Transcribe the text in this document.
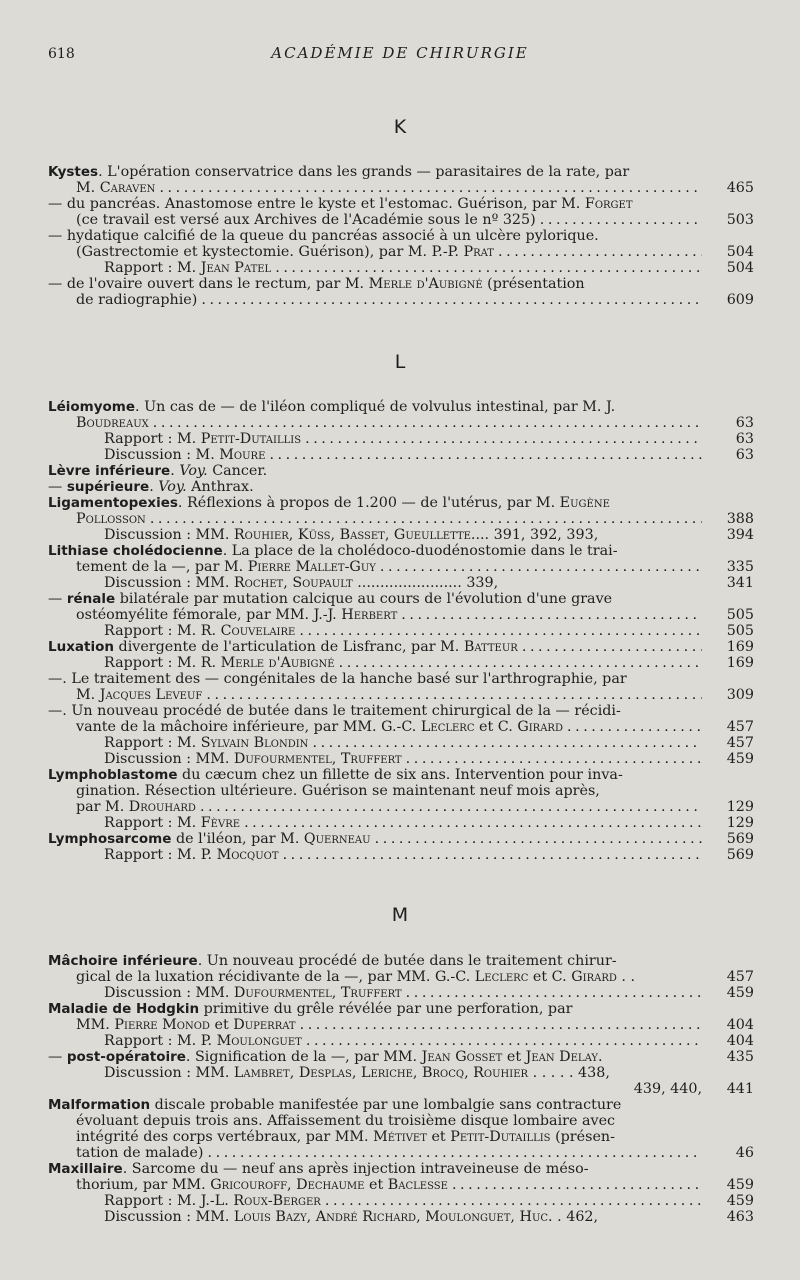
618	ACADÉMIE DE CHIRURGIE
K
Kystes. L'opération conservatrice dans les grands — parasitaires de la rate, par
M. Caraven	465
. . .
— du pancréas. Anastomose entre le kyste et l'estomac. Guérison, par M. Forget
(ce travail est versé aux Archives de l'Académie sous le nº 325)	503
. . .
— hydatique calcifié de la queue du pancréas associé à un ulcère pylorique.
(Gastrectomie et kystectomie. Guérison), par M. P.-P. Prat	504
. . .
Rapport : M. Jean Patel	504
. . .
— de l'ovaire ouvert dans le rectum, par M. Merle d'Aubigné (présentation
de radiographie)	609
. . .
L
Léiomyome. Un cas de — de l'iléon compliqué de volvulus intestinal, par M. J.
Boudreaux	63
. . .
Rapport : M. Petit-Dutaillis	63
. . .
Discussion : M. Moure	63
. . .
Lèvre inférieure. Voy. Cancer.
— supérieure. Voy. Anthrax.
Ligamentopexies. Réflexions à propos de 1.200 — de l'utérus, par M. Eugène
Pollosson	388
. . .
Discussion : MM. Rouhier, Küss, Basset, Gueullette.... 391, 392, 393,	394
Lithiase cholédocienne. La place de la cholédoco-duodénostomie dans le trai-
tement de la —, par M. Pierre Mallet-Guy	335
. . .
Discussion : MM. Rochet, Soupault ....................... 339,	341
— rénale bilatérale par mutation calcique au cours de l'évolution d'une grave
ostéomyélite fémorale, par MM. J.-J. Herbert	505
. . .
Rapport : M. R. Couvelaire	505
. . .
Luxation divergente de l'articulation de Lisfranc, par M. Batteur	169
. . .
Rapport : M. R. Merle d'Aubigné	169
. . .
—. Le traitement des — congénitales de la hanche basé sur l'arthrographie, par
M. Jacques Leveuf	309
. . .
—. Un nouveau procédé de butée dans le traitement chirurgical de la — récidi-
vante de la mâchoire inférieure, par MM. G.-C. Leclerc et C. Girard	457
. . .
Rapport : M. Sylvain Blondin	457
. . .
Discussion : MM. Dufourmentel, Truffert	459
. . .
Lymphoblastome du cæcum chez un fillette de six ans. Intervention pour inva-
gination. Résection ultérieure. Guérison se maintenant neuf mois après,
par M. Drouhard	129
. . .
Rapport : M. Fèvre	129
. . .
Lymphosarcome de l'iléon, par M. Querneau	569
. . .
Rapport : M. P. Mocquot	569
. . .
M
Mâchoire inférieure. Un nouveau procédé de butée dans le traitement chirur-
gical de la luxation récidivante de la —, par MM. G.-C. Leclerc et C. Girard . .	457
Discussion : MM. Dufourmentel, Truffert	459
. . .
Maladie de Hodgkin primitive du grêle révélée par une perforation, par
MM. Pierre Monod et Duperrat	404
. . .
Rapport : M. P. Moulonguet	404
. . .
— post-opératoire. Signification de la —, par MM. Jean Gosset et Jean Delay.	435
Discussion : MM. Lambret, Desplas, Leriche, Brocq, Rouhier . . . . . 438,
439, 440,	441
Malformation discale probable manifestée par une lombalgie sans contracture
évoluant depuis trois ans. Affaissement du troisième disque lombaire avec
intégrité des corps vertébraux, par MM. Métivet et Petit-Dutaillis (présen-
tation de malade)	46
. . .
Maxillaire. Sarcome du — neuf ans après injection intraveineuse de méso-
thorium, par MM. Gricouroff, Dechaume et Baclesse	459
. . .
Rapport : M. J.-L. Roux-Berger	459
. . .
Discussion : MM. Louis Bazy, André Richard, Moulonguet, Huc. . 462,	463
